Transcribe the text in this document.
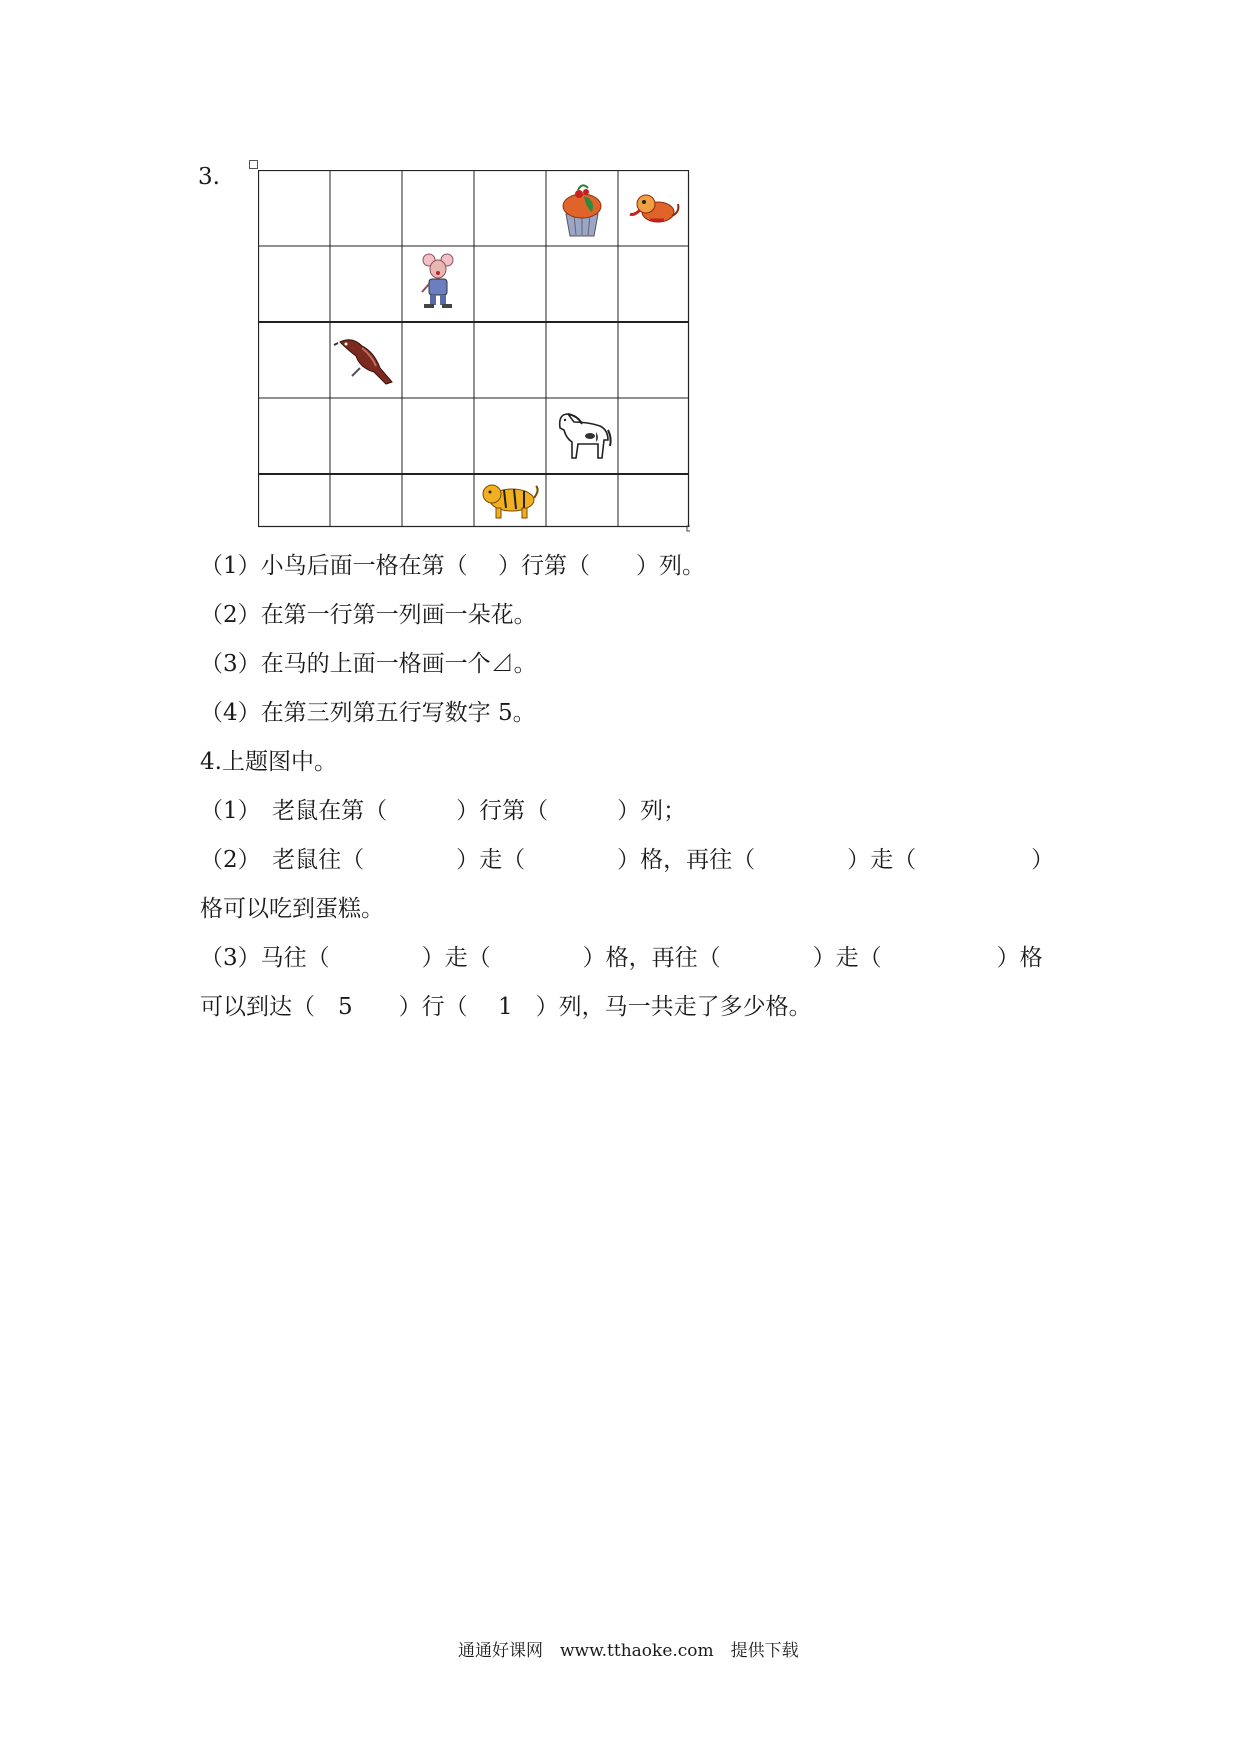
3.
（1）小鸟后面一格在第（　 ）行第（　　）列。
（2）在第一行第一列画一朵花。
（3）在马的上面一格画一个⊿。
（4）在第三列第五行写数字 5。
4.上题图中。
（1）　老鼠在第（　　　）行第（　　　）列；
（2）　老鼠往（　　　　）走（　　　　）格，再往（　　　　）走（　　　　　）
格可以吃到蛋糕。
（3）马往（　　　　）走（　　　　）格，再往（　　　　）走（　　　　　）格
可以到达（　5　　）行（　 1　）列，马一共走了多少格。
通通好课网　www.tthaoke.com　提供下载
